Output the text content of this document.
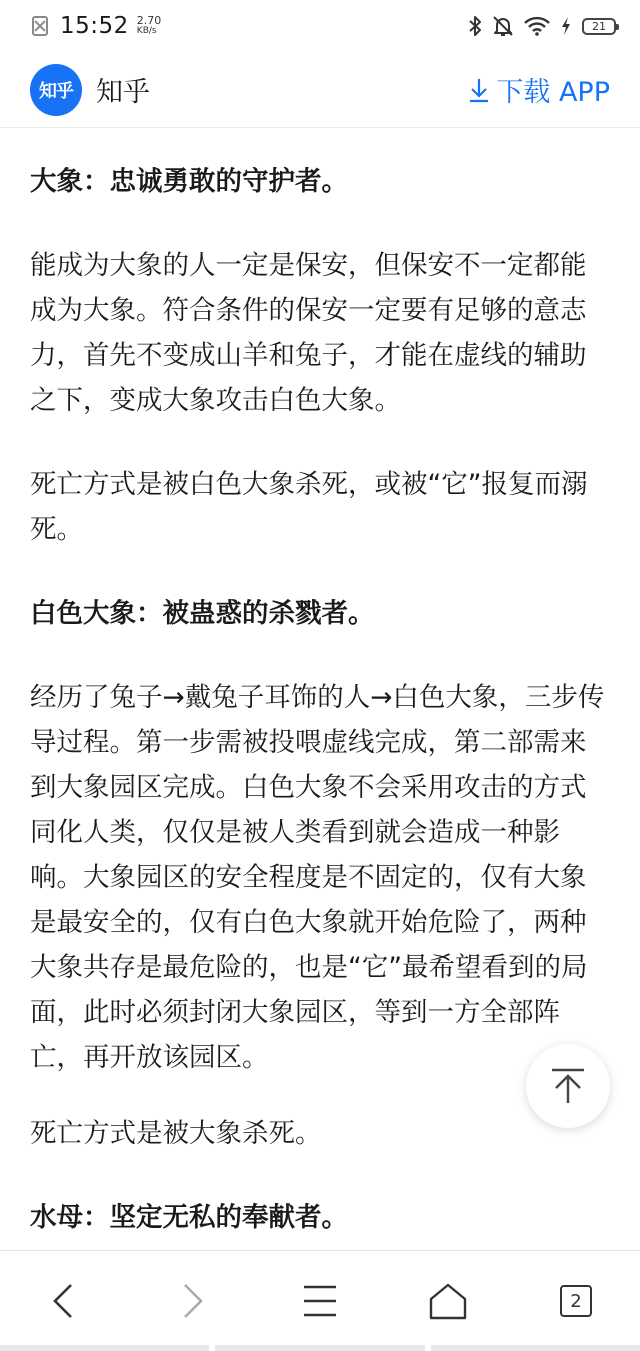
15:52 2.70
KB/s	21
知乎 知乎	下载 APP

大象：忠诚勇敢的守护者。

能成为大象的人一定是保安，但保安不一定都能成为大象。符合条件的保安一定要有足够的意志力，首先不变成山羊和兔子，才能在虚线的辅助之下，变成大象攻击白色大象。

死亡方式是被白色大象杀死，或被“它”报复而溺死。

白色大象：被蛊惑的杀戮者。

经历了兔子→戴兔子耳饰的人→白色大象，三步传导过程。第一步需被投喂虚线完成，第二部需来到大象园区完成。白色大象不会采用攻击的方式同化人类，仅仅是被人类看到就会造成一种影响。大象园区的安全程度是不固定的，仅有大象是最安全的，仅有白色大象就开始危险了，两种大象共存是最危险的，也是“它”最希望看到的局面，此时必须封闭大象园区，等到一方全部阵亡，再开放该园区。

死亡方式是被大象杀死。

水母：坚定无私的奉献者。

2
